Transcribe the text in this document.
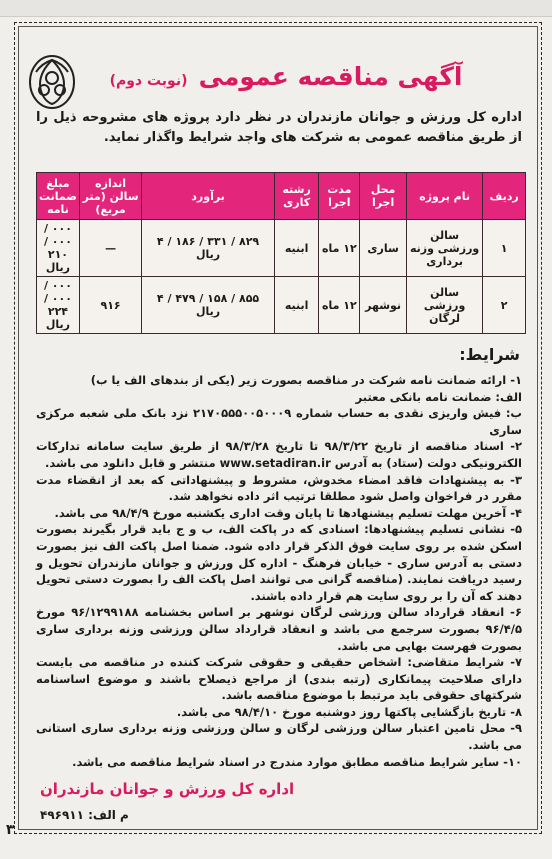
آگهی مناقصه عمومی (نوبت دوم)
اداره کل ورزش و جوانان مازندران در نظر دارد پروژه های مشروحه ذیل را از طریق مناقصه عمومی به شرکت های واجد شرایط واگذار نماید.
ردیف	نام پروژه	محل اجرا	مدت اجرا	رشته کاری	برآورد	اندازه سالن (متر مربع)	مبلغ ضمانت نامه
۱	سالن ورزشی وزنه برداری	ساری	۱۲ ماه	ابنیه	۸۲۹ / ۳۳۱ / ۱۸۶ / ۴ ریال	—	۰۰۰ / ۰۰۰ / ۲۱۰ ریال
۲	سالن ورزشی لرگان	نوشهر	۱۲ ماه	ابنیه	۸۵۵ / ۱۵۸ / ۴۷۹ / ۴ ریال	۹۱۶	۰۰۰ / ۰۰۰ / ۲۲۴ ریال
شرایط:

۱- ارائه ضمانت نامه شرکت در مناقصه بصورت زیر (یکی از بندهای الف یا ب)

الف: ضمانت نامه بانکی معتبر

ب: فیش واریزی نقدی به حساب شماره ۲۱۷۰۵۵۵۰۰۵۰۰۰۹ نزد بانک ملی شعبه مرکزی ساری

۲- اسناد مناقصه از تاریخ ۹۸/۳/۲۲ تا تاریخ ۹۸/۳/۲۸ از طریق سایت سامانه تدارکات الکترونیکی دولت (ستاد) به آدرس www.setadiran.ir منتشر و قابل دانلود می باشد.

۳- به پیشنهادات فاقد امضاء مخدوش، مشروط و پیشنهاداتی که بعد از انقضاء مدت مقرر در فراخوان واصل شود مطلقا ترتیب اثر داده نخواهد شد.

۴- آخرین مهلت تسلیم پیشنهادها تا پایان وقت اداری یکشنبه مورخ ۹۸/۴/۹ می باشد.

۵- نشانی تسلیم پیشنهادها: اسنادی که در پاکت الف، ب و ج باید قرار بگیرند بصورت اسکن شده بر روی سایت فوق الذکر قرار داده شود. ضمنا اصل پاکت الف نیز بصورت دستی به آدرس ساری - خیابان فرهنگ - اداره کل ورزش و جوانان مازندران تحویل و رسید دریافت نمایند. (مناقصه گرانی می توانند اصل پاکت الف را بصورت دستی تحویل دهند که آن را بر روی سایت هم قرار داده باشند.

۶- انعقاد قرارداد سالن ورزشی لرگان نوشهر بر اساس بخشنامه ۹۶/۱۲۹۹۱۸۸ مورخ ۹۶/۴/۵ بصورت سرجمع می باشد و انعقاد قرارداد سالن ورزشی وزنه برداری ساری بصورت فهرست بهایی می باشد.

۷- شرایط متقاضی: اشخاص حقیقی و حقوقی شرکت کننده در مناقصه می بایست دارای صلاحیت پیمانکاری (رتبه بندی) از مراجع ذیصلاح باشند و موضوع اساسنامه شرکتهای حقوقی باید مرتبط با موضوع مناقصه باشد.

۸- تاریخ بازگشایی پاکتها روز دوشنبه مورخ ۹۸/۴/۱۰ می باشد.

۹- محل تامین اعتبار سالن ورزشی لرگان و سالن ورزشی وزنه برداری ساری استانی می باشد.

۱۰- سایر شرایط مناقصه مطابق موارد مندرج در اسناد شرایط مناقصه می باشد.

اداره کل ورزش و جوانان مازندران
م الف: ۴۹۶۹۱۱
۳
